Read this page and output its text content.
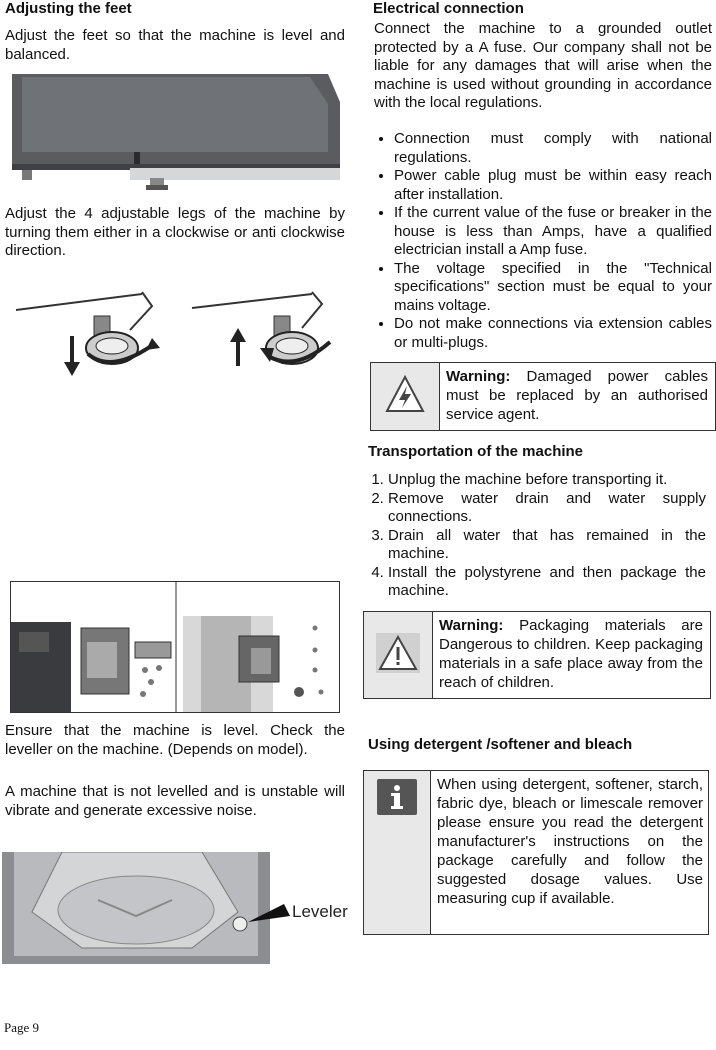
Adjusting the feet

Adjust the feet so that the machine is level and balanced.

Adjust the 4 adjustable legs of the machine by turning them either in a clockwise or anti clockwise direction.

Ensure that the machine is level. Check the leveller on the machine. (Depends on model).

A machine that is not levelled and is unstable will vibrate and generate excessive noise.

Leveler
Electrical connection

Connect the machine to a grounded outlet protected by a A fuse. Our company shall not be liable for any damages that will arise when the machine is used without grounding in accordance with the local regulations.

• Connection must comply with national regulations.
• Power cable plug must be within easy reach after installation.
• If the current value of the fuse or breaker in the house is less than Amps, have a qualified electrician install a Amp fuse.
• The voltage specified in the "Technical specifications" section must be equal to your mains voltage.
• Do not make connections via extension cables or multi-plugs.
Transportation of the machine
1. Unplug the machine before transporting it.
2. Remove water drain and water supply connections.
3. Drain all water that has remained in the machine.
4. Install the polystyrene and then package the machine.
Using detergent /softener and bleach
Warning: Damaged power cables must be replaced by an authorised service agent.
Warning: Packaging materials are Dangerous to children. Keep packaging materials in a safe place away from the reach of children.
When using detergent, softener, starch, fabric dye, bleach or limescale remover please ensure you read the detergent manufacturer's instructions on the package carefully and follow the suggested dosage values. Use measuring cup if available.
Page 9
